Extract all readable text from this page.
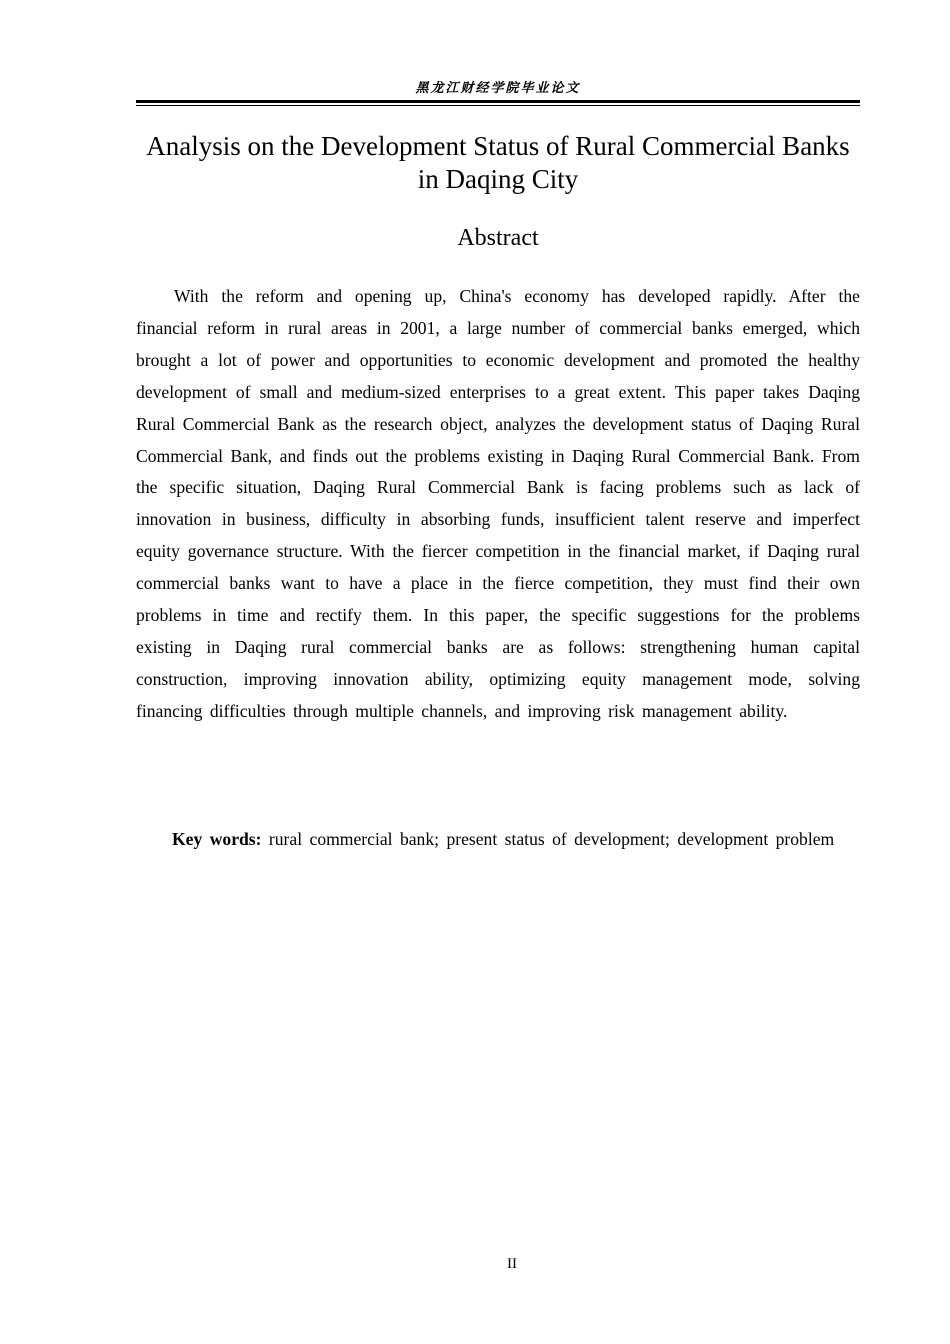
黑龙江财经学院毕业论文
Analysis on the Development Status of Rural Commercial Banks in Daqing City
Abstract

With the reform and opening up, China's economy has developed rapidly. After the financial reform in rural areas in 2001, a large number of commercial banks emerged, which brought a lot of power and opportunities to economic development and promoted the healthy development of small and medium-sized enterprises to a great extent. This paper takes Daqing Rural Commercial Bank as the research object, analyzes the development status of Daqing Rural Commercial Bank, and finds out the problems existing in Daqing Rural Commercial Bank. From the specific situation, Daqing Rural Commercial Bank is facing problems such as lack of innovation in business, difficulty in absorbing funds, insufficient talent reserve and imperfect equity governance structure. With the fiercer competition in the financial market, if Daqing rural commercial banks want to have a place in the fierce competition, they must find their own problems in time and rectify them. In this paper, the specific suggestions for the problems existing in Daqing rural commercial banks are as follows: strengthening human capital construction, improving innovation ability, optimizing equity management mode, solving financing difficulties through multiple channels, and improving risk management ability.

Key words: rural commercial bank; present status of development; development problem

II
